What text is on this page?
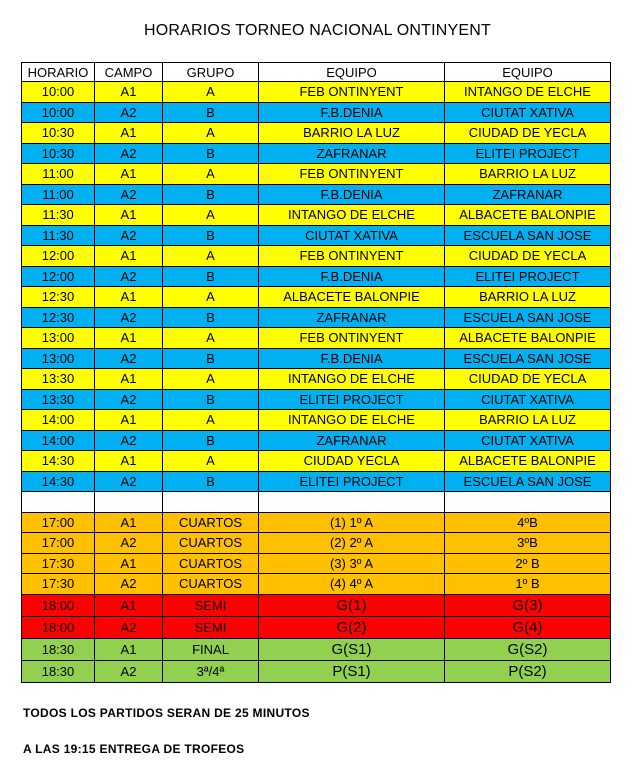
HORARIOS TORNEO NACIONAL ONTINYENT
HORARIO	CAMPO	GRUPO	EQUIPO	EQUIPO
10:00	A1	A	FEB ONTINYENT	INTANGO DE ELCHE
10:00	A2	B	F.B.DENIA	CIUTAT XATIVA
10:30	A1	A	BARRIO LA LUZ	CIUDAD DE YECLA
10:30	A2	B	ZAFRANAR	ELITEI PROJECT
11:00	A1	A	FEB ONTINYENT	BARRIO LA LUZ
11:00	A2	B	F.B.DENIA	ZAFRANAR
11:30	A1	A	INTANGO DE ELCHE	ALBACETE BALONPIE
11:30	A2	B	CIUTAT XATIVA	ESCUELA SAN JOSE
12:00	A1	A	FEB ONTINYENT	CIUDAD DE YECLA
12:00	A2	B	F.B.DENIA	ELITEI PROJECT
12:30	A1	A	ALBACETE BALONPIE	BARRIO LA LUZ
12:30	A2	B	ZAFRANAR	ESCUELA SAN JOSE
13:00	A1	A	FEB ONTINYENT	ALBACETE BALONPIE
13:00	A2	B	F.B.DENIA	ESCUELA SAN JOSE
13:30	A1	A	INTANGO DE ELCHE	CIUDAD DE YECLA
13:30	A2	B	ELITEI PROJECT	CIUTAT XATIVA
14:00	A1	A	INTANGO DE ELCHE	BARRIO LA LUZ
14:00	A2	B	ZAFRANAR	CIUTAT XATIVA
14:30	A1	A	CIUDAD YECLA	ALBACETE BALONPIE
14:30	A2	B	ELITEI PROJECT	ESCUELA SAN JOSE

17:00	A1	CUARTOS	(1) 1º A	4ºB
17:00	A2	CUARTOS	(2) 2º A	3ºB
17:30	A1	CUARTOS	(3) 3º A	2º B
17:30	A2	CUARTOS	(4) 4º A	1º B
18:00	A1	SEMI	G(1)	G(3)
18:00	A2	SEMI	G(2)	G(4)
18:30	A1	FINAL	G(S1)	G(S2)
18:30	A2	3ª/4ª	P(S1)	P(S2)
TODOS LOS PARTIDOS SERAN DE 25 MINUTOS
A LAS 19:15 ENTREGA DE TROFEOS
